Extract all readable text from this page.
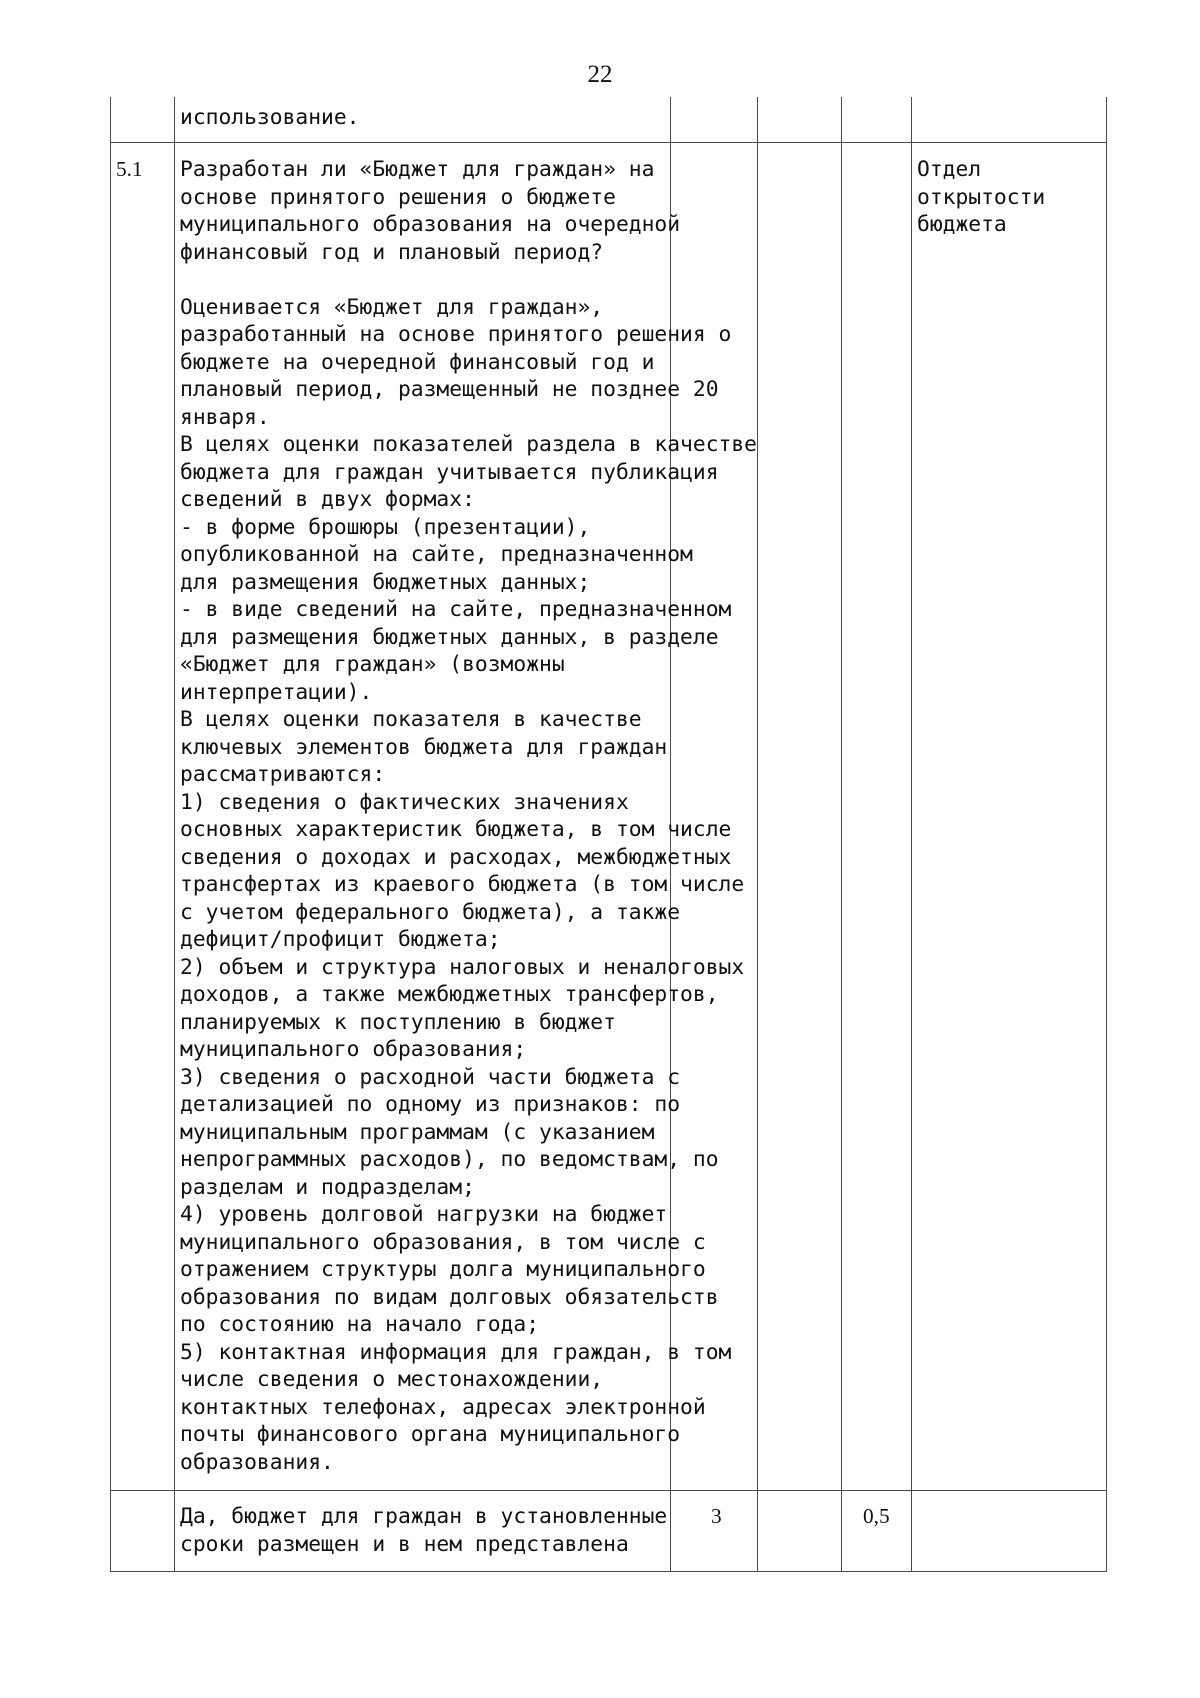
22
использование.
5.1 Разработан ли «Бюджет для граждан» на
основе принятого решения о бюджете
муниципального образования на очередной
финансовый год и плановый период?

Оценивается «Бюджет для граждан»,
разработанный на основе принятого решения о
бюджете на очередной финансовый год и
плановый период, размещенный не позднее 20
января.
В целях оценки показателей раздела в качестве
бюджета для граждан учитывается публикация
сведений в двух формах:
- в форме брошюры (презентации),
опубликованной на сайте, предназначенном
для размещения бюджетных данных;
- в виде сведений на сайте, предназначенном
для размещения бюджетных данных, в разделе
«Бюджет для граждан» (возможны
интерпретации).
В целях оценки показателя в качестве
ключевых элементов бюджета для граждан
рассматриваются:
1) сведения о фактических значениях
основных характеристик бюджета, в том числе
сведения о доходах и расходах, межбюджетных
трансфертах из краевого бюджета (в том числе
с учетом федерального бюджета), а также
дефицит/профицит бюджета;
2) объем и структура налоговых и неналоговых
доходов, а также межбюджетных трансфертов,
планируемых к поступлению в бюджет
муниципального образования;
3) сведения о расходной части бюджета с
детализацией по одному из признаков: по
муниципальным программам (с указанием
непрограммных расходов), по ведомствам, по
разделам и подразделам;
4) уровень долговой нагрузки на бюджет
муниципального образования, в том числе с
отражением структуры долга муниципального
образования по видам долговых обязательств
по состоянию на начало года;
5) контактная информация для граждан, в том
числе сведения о местонахождении,
контактных телефонах, адресах электронной
почты финансового органа муниципального
образования.
Отдел
открытости
бюджета
Да, бюджет для граждан в установленные
сроки размещен и в нем представлена
3	0,5
